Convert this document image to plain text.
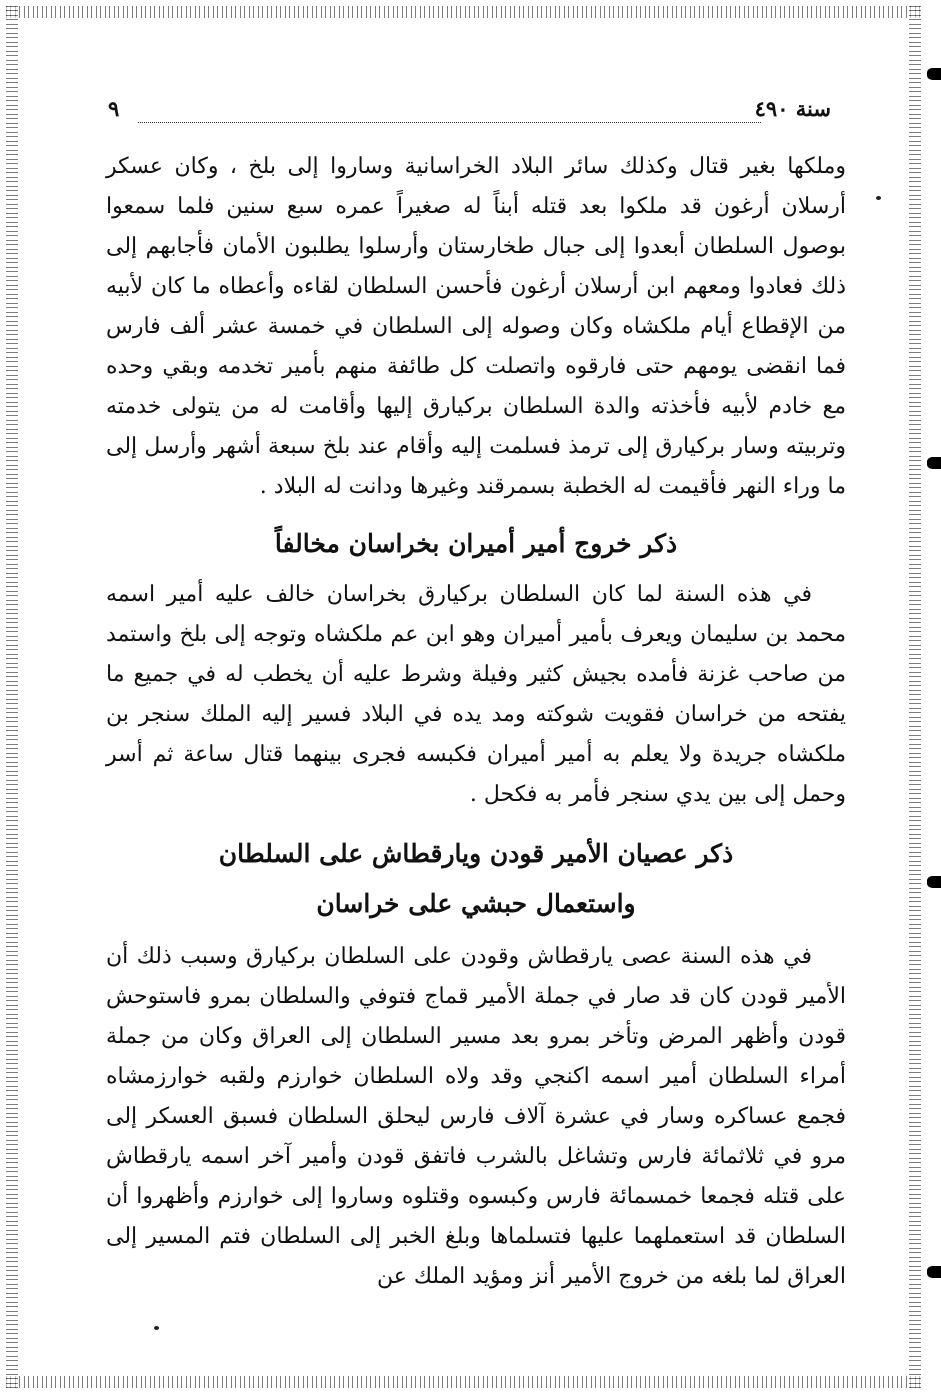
سنة ٤٩٠
٩

وملكها بغير قتال وكذلك سائر البلاد الخراسانية وساروا إلى بلخ ، وكان عسكر أرسلان أرغون قد ملكوا بعد قتله أبناً له صغيراً عمره سبع سنين فلما سمعوا بوصول السلطان أبعدوا إلى جبال طخارستان وأرسلوا يطلبون الأمان فأجابهم إلى ذلك فعادوا ومعهم ابن أرسلان أرغون فأحسن السلطان لقاءه وأعطاه ما كان لأبيه من الإقطاع أيام ملكشاه وكان وصوله إلى السلطان في خمسة عشر ألف فارس فما انقضى يومهم حتى فارقوه واتصلت كل طائفة منهم بأمير تخدمه وبقي وحده مع خادم لأبيه فأخذته والدة السلطان بركيارق إليها وأقامت له من يتولى خدمته وتربيته وسار بركيارق إلى ترمذ فسلمت إليه وأقام عند بلخ سبعة أشهر وأرسل إلى ما وراء النهر فأقيمت له الخطبة بسمرقند وغيرها ودانت له البلاد .

ذكر خروج أمير أميران بخراسان مخالفاً

في هذه السنة لما كان السلطان بركيارق بخراسان خالف عليه أمير اسمه محمد بن سليمان ويعرف بأمير أميران وهو ابن عم ملكشاه وتوجه إلى بلخ واستمد من صاحب غزنة فأمده بجيش كثير وفيلة وشرط عليه أن يخطب له في جميع ما يفتحه من خراسان فقويت شوكته ومد يده في البلاد فسير إليه الملك سنجر بن ملكشاه جريدة ولا يعلم به أمير أميران فكبسه فجرى بينهما قتال ساعة ثم أسر وحمل إلى بين يدي سنجر فأمر به فكحل .

ذكر عصيان الأمير قودن ويارقطاش على السلطان
واستعمال حبشي على خراسان

في هذه السنة عصى يارقطاش وقودن على السلطان بركيارق وسبب ذلك أن الأمير قودن كان قد صار في جملة الأمير قماج فتوفي والسلطان بمرو فاستوحش قودن وأظهر المرض وتأخر بمرو بعد مسير السلطان إلى العراق وكان من جملة أمراء السلطان أمير اسمه اكنجي وقد ولاه السلطان خوارزم ولقبه خوارزمشاه فجمع عساكره وسار في عشرة آلاف فارس ليحلق السلطان فسبق العسكر إلى مرو في ثلاثمائة فارس وتشاغل بالشرب فاتفق قودن وأمير آخر اسمه يارقطاش على قتله فجمعا خمسمائة فارس وكبسوه وقتلوه وساروا إلى خوارزم وأظهروا أن السلطان قد استعملهما عليها فتسلماها وبلغ الخبر إلى السلطان فتم المسير إلى العراق لما بلغه من خروج الأمير أنز ومؤيد الملك عن
